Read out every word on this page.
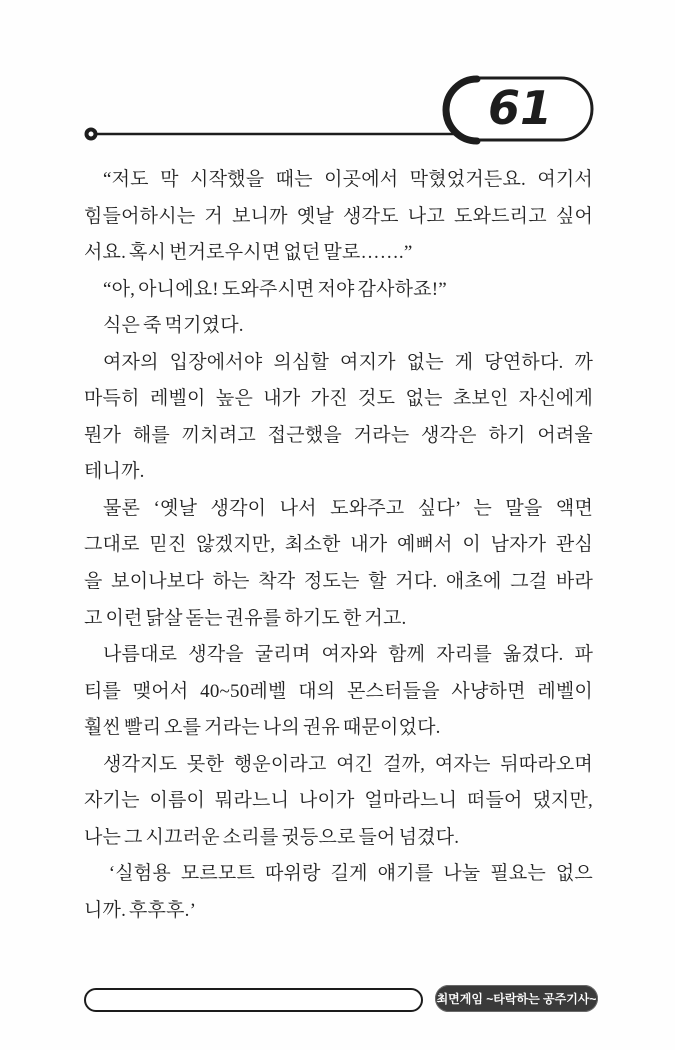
61
“저도 막 시작했을 때는 이곳에서 막혔었거든요. 여기서
힘들어하시는 거 보니까 옛날 생각도 나고 도와드리고 싶어
서요. 혹시 번거로우시면 없던 말로…….”
“아, 아니에요! 도와주시면 저야 감사하죠!”
식은 죽 먹기였다.
여자의 입장에서야 의심할 여지가 없는 게 당연하다. 까
마득히 레벨이 높은 내가 가진 것도 없는 초보인 자신에게
뭔가 해를 끼치려고 접근했을 거라는 생각은 하기 어려울
테니까.
물론 ‘옛날 생각이 나서 도와주고 싶다’ 는 말을 액면
그대로 믿진 않겠지만, 최소한 내가 예뻐서 이 남자가 관심
을 보이나보다 하는 착각 정도는 할 거다. 애초에 그걸 바라
고 이런 닭살 돋는 권유를 하기도 한 거고.
나름대로 생각을 굴리며 여자와 함께 자리를 옮겼다. 파
티를 맺어서 40~50레벨 대의 몬스터들을 사냥하면 레벨이
훨씬 빨리 오를 거라는 나의 권유 때문이었다.
생각지도 못한 행운이라고 여긴 걸까, 여자는 뒤따라오며
자기는 이름이 뭐라느니 나이가 얼마라느니 떠들어 댔지만,
나는 그 시끄러운 소리를 귓등으로 들어 넘겼다.
‘실험용 모르모트 따위랑 길게 얘기를 나눌 필요는 없으
니까. 후후후.’
최면게임 ~타락하는 공주기사~
